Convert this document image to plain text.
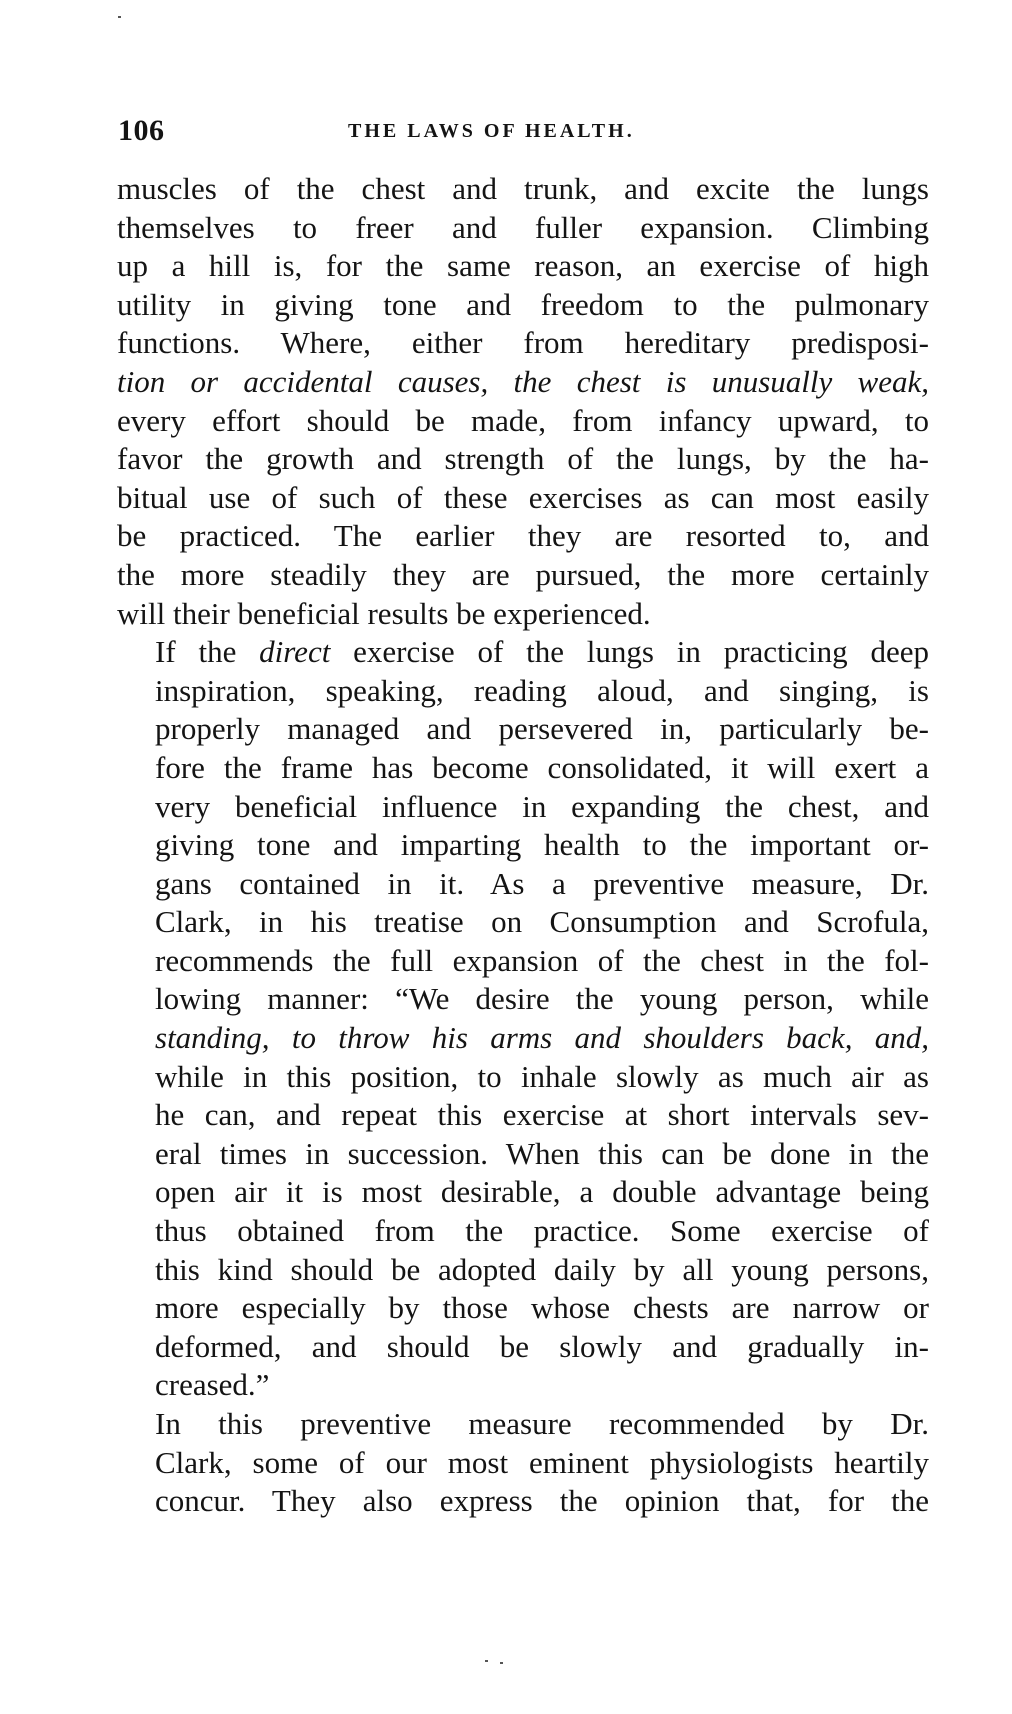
106	THE LAWS OF HEALTH.

muscles of the chest and trunk, and excite the lungs
themselves to freer and fuller expansion. Climbing
up a hill is, for the same reason, an exercise of high
utility in giving tone and freedom to the pulmonary
functions. Where, either from hereditary predisposi-
tion or accidental causes, the chest is unusually weak,
every effort should be made, from infancy upward, to
favor the growth and strength of the lungs, by the ha-
bitual use of such of these exercises as can most easily
be practiced. The earlier they are resorted to, and
the more steadily they are pursued, the more certainly
will their beneficial results be experienced.

If the direct exercise of the lungs in practicing deep
inspiration, speaking, reading aloud, and singing, is
properly managed and persevered in, particularly be-
fore the frame has become consolidated, it will exert a
very beneficial influence in expanding the chest, and
giving tone and imparting health to the important or-
gans contained in it. As a preventive measure, Dr.
Clark, in his treatise on Consumption and Scrofula,
recommends the full expansion of the chest in the fol-
lowing manner: “We desire the young person, while
standing, to throw his arms and shoulders back, and,
while in this position, to inhale slowly as much air as
he can, and repeat this exercise at short intervals sev-
eral times in succession. When this can be done in the
open air it is most desirable, a double advantage being
thus obtained from the practice. Some exercise of
this kind should be adopted daily by all young persons,
more especially by those whose chests are narrow or
deformed, and should be slowly and gradually in-
creased.”

In this preventive measure recommended by Dr.
Clark, some of our most eminent physiologists heartily
concur. They also express the opinion that, for the
